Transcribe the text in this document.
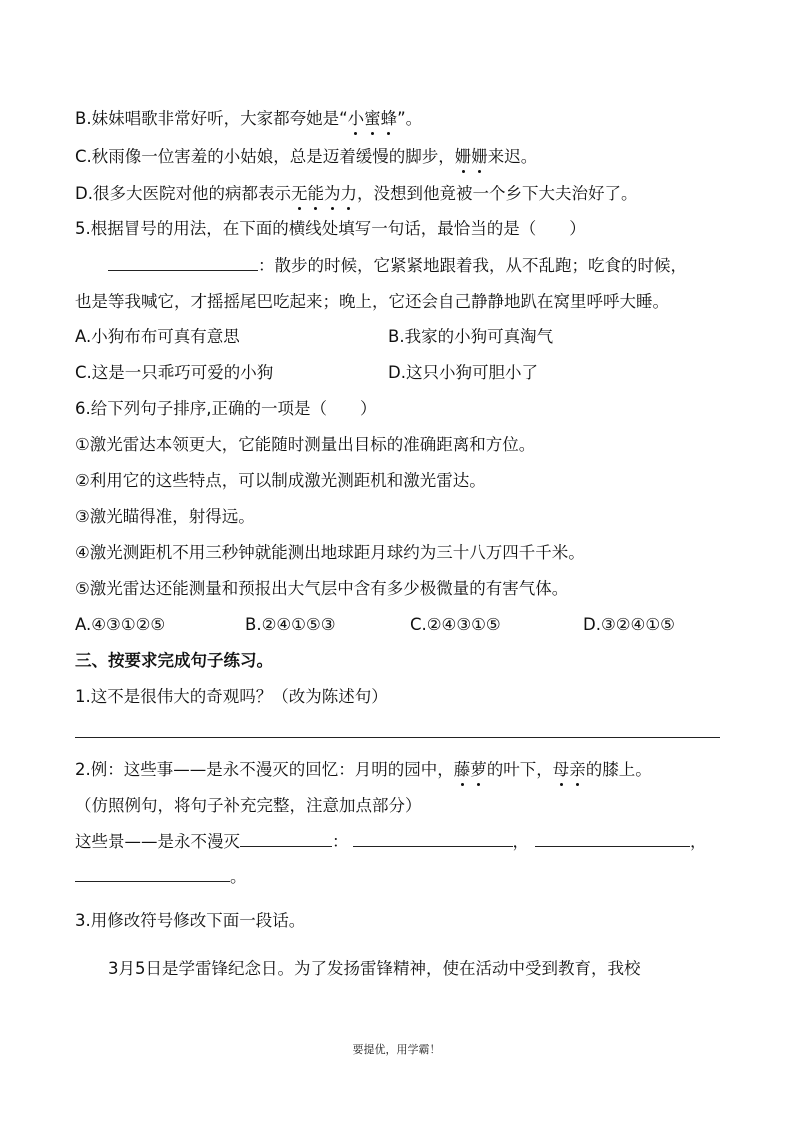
B.妹妹唱歌非常好听，大家都夸她是“小蜜蜂”。
C.秋雨像一位害羞的小姑娘，总是迈着缓慢的脚步，姗姗来迟。
D.很多大医院对他的病都表示无能为力，没想到他竟被一个乡下大夫治好了。
5.根据冒号的用法，在下面的横线处填写一句话，最恰当的是（　　）
：散步的时候，它紧紧地跟着我，从不乱跑；吃食的时候，
也是等我喊它，才摇摇尾巴吃起来；晚上，它还会自己静静地趴在窝里呼呼大睡。
A.小狗布布可真有意思	B.我家的小狗可真淘气
C.这是一只乖巧可爱的小狗	D.这只小狗可胆小了
6.给下列句子排序,正确的一项是（　　）
①激光雷达本领更大，它能随时测量出目标的准确距离和方位。
②利用它的这些特点，可以制成激光测距机和激光雷达。
③激光瞄得准，射得远。
④激光测距机不用三秒钟就能测出地球距月球约为三十八万四千千米。
⑤激光雷达还能测量和预报出大气层中含有多少极微量的有害气体。
A.④③①②⑤	B.②④①⑤③	C.②④③①⑤	D.③②④①⑤
三、按要求完成句子练习。
1.这不是很伟大的奇观吗？（改为陈述句）
2.例：这些事——是永不漫灭的回忆：月明的园中，藤萝的叶下，母亲的膝上。
（仿照例句，将句子补充完整，注意加点部分）
这些景——是永不漫灭	：	，	，
。
3.用修改符号修改下面一段话。
3月5日是学雷锋纪念日。为了发扬雷锋精神，使在活动中受到教育，我校
要提优，用学霸！
